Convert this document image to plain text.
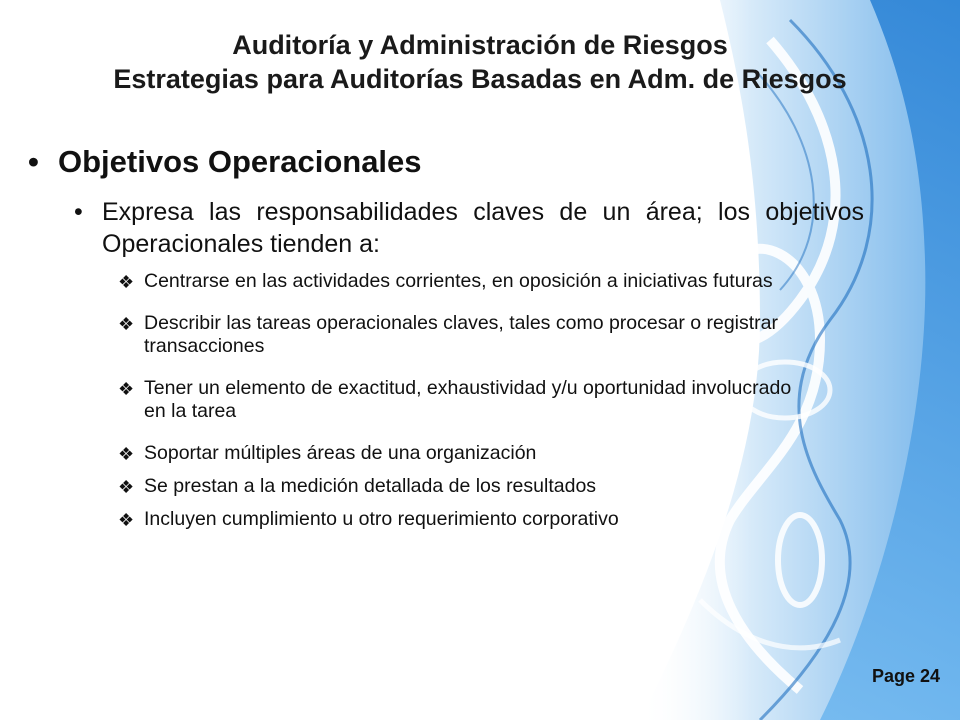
Auditoría y Administración de Riesgos
Estrategias para Auditorías Basadas en Adm. de Riesgos
• Objetivos Operacionales
• Expresa las responsabilidades claves de un área; los objetivos Operacionales tienden a:
❖ Centrarse en las actividades corrientes, en oposición a iniciativas futuras
❖ Describir las tareas operacionales claves, tales como procesar o registrar transacciones
❖ Tener un elemento de exactitud, exhaustividad y/u oportunidad involucrado en la tarea
❖ Soportar múltiples áreas de una organización
❖ Se prestan a la medición detallada de los resultados
❖ Incluyen cumplimiento u otro requerimiento corporativo
Page 24
